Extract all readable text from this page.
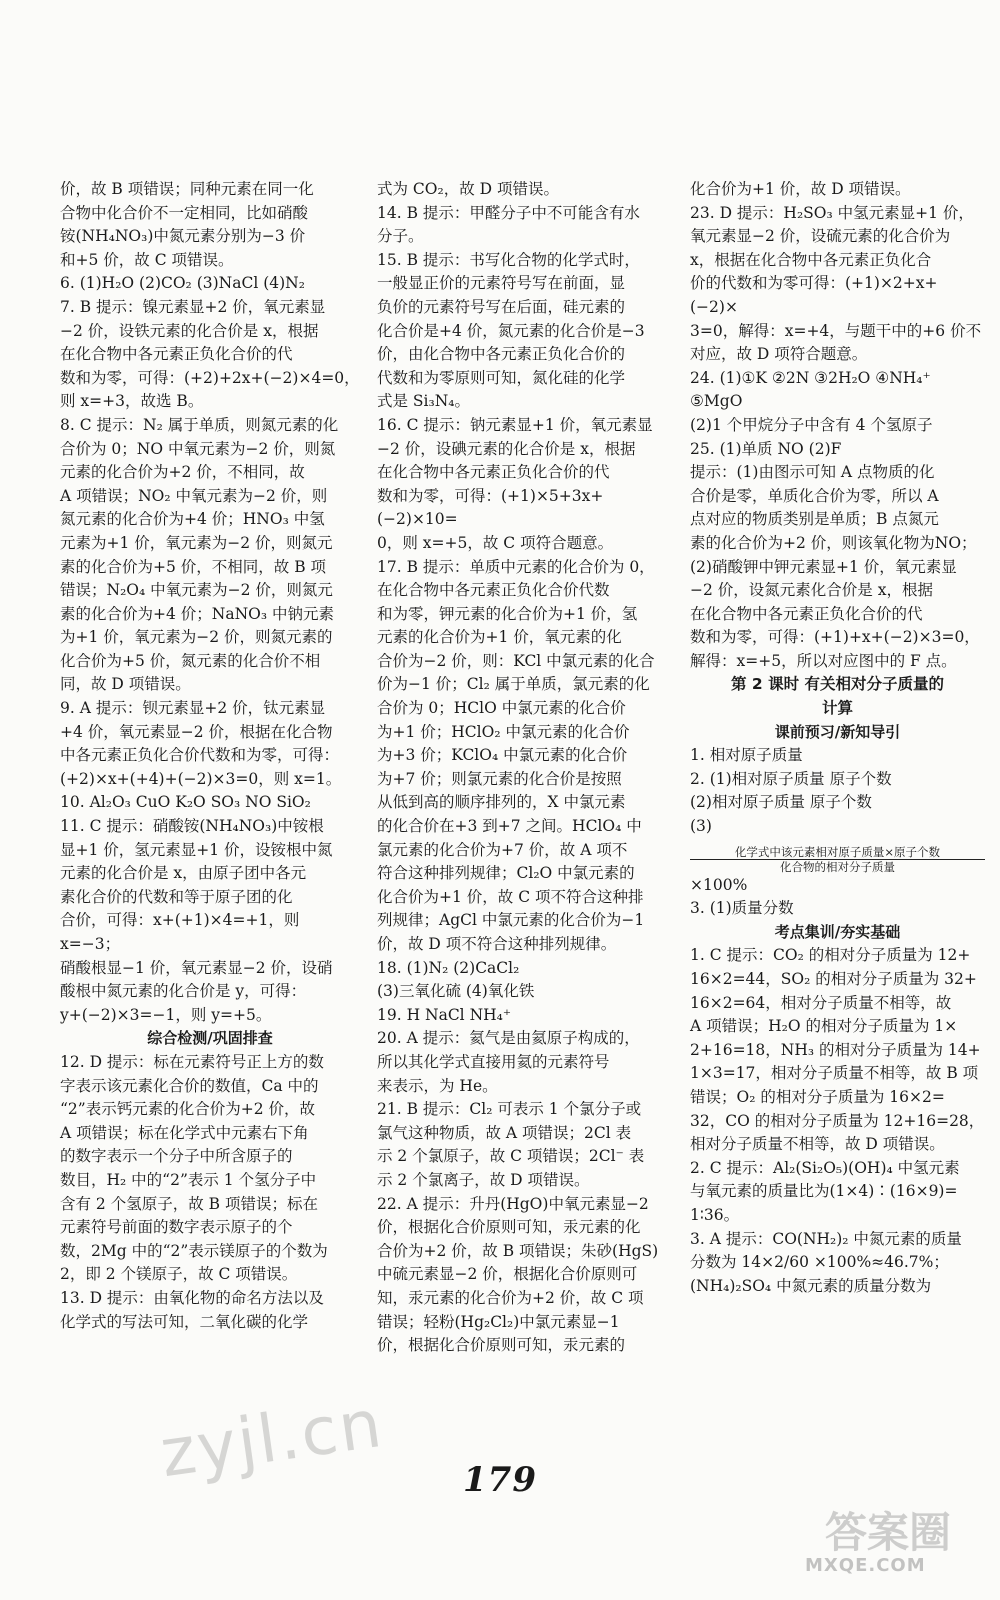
价，故 B 项错误；同种元素在同一化
合物中化合价不一定相同，比如硝酸
铵(NH₄NO₃)中氮元素分别为−3 价
和+5 价，故 C 项错误。
6. (1)H₂O (2)CO₂ (3)NaCl (4)N₂
7. B 提示：镍元素显+2 价，氧元素显
−2 价，设铁元素的化合价是 x，根据
在化合物中各元素正负化合价的代
数和为零，可得：(+2)+2x+(−2)×4=0，
则 x=+3，故选 B。
8. C 提示：N₂ 属于单质，则氮元素的化
合价为 0；NO 中氧元素为−2 价，则氮
元素的化合价为+2 价，不相同，故
A 项错误；NO₂ 中氧元素为−2 价，则
氮元素的化合价为+4 价；HNO₃ 中氢
元素为+1 价，氧元素为−2 价，则氮元
素的化合价为+5 价，不相同，故 B 项
错误；N₂O₄ 中氧元素为−2 价，则氮元
素的化合价为+4 价；NaNO₃ 中钠元素
为+1 价，氧元素为−2 价，则氮元素的
化合价为+5 价，氮元素的化合价不相
同，故 D 项错误。
9. A 提示：钡元素显+2 价，钛元素显
+4 价，氧元素显−2 价，根据在化合物
中各元素正负化合价代数和为零，可得：
(+2)×x+(+4)+(−2)×3=0，则 x=1。
10. Al₂O₃ CuO K₂O SO₃ NO SiO₂
11. C 提示：硝酸铵(NH₄NO₃)中铵根
显+1 价，氢元素显+1 价，设铵根中氮
元素的化合价是 x，由原子团中各元
素化合价的代数和等于原子团的化
合价，可得：x+(+1)×4=+1，则 x=−3；
硝酸根显−1 价，氧元素显−2 价，设硝
酸根中氮元素的化合价是 y，可得：
y+(−2)×3=−1，则 y=+5。
综合检测/巩固排查
12. D 提示：标在元素符号正上方的数
字表示该元素化合价的数值，Ca 中的
“2”表示钙元素的化合价为+2 价，故
A 项错误；标在化学式中元素右下角
的数字表示一个分子中所含原子的
数目，H₂ 中的“2”表示 1 个氢分子中
含有 2 个氢原子，故 B 项错误；标在
元素符号前面的数字表示原子的个
数，2Mg 中的“2”表示镁原子的个数为
2，即 2 个镁原子，故 C 项错误。
13. D 提示：由氧化物的命名方法以及
化学式的写法可知，二氧化碳的化学
式为 CO₂，故 D 项错误。
14. B 提示：甲醛分子中不可能含有水
分子。
15. B 提示：书写化合物的化学式时，
一般显正价的元素符号写在前面，显
负价的元素符号写在后面，硅元素的
化合价是+4 价，氮元素的化合价是−3
价，由化合物中各元素正负化合价的
代数和为零原则可知，氮化硅的化学
式是 Si₃N₄。
16. C 提示：钠元素显+1 价，氧元素显
−2 价，设碘元素的化合价是 x，根据
在化合物中各元素正负化合价的代
数和为零，可得：(+1)×5+3x+(−2)×10=
0，则 x=+5，故 C 项符合题意。
17. B 提示：单质中元素的化合价为 0，
在化合物中各元素正负化合价代数
和为零，钾元素的化合价为+1 价，氢
元素的化合价为+1 价，氧元素的化
合价为−2 价，则：KCl 中氯元素的化合
价为−1 价；Cl₂ 属于单质，氯元素的化
合价为 0；HClO 中氯元素的化合价
为+1 价；HClO₂ 中氯元素的化合价
为+3 价；KClO₄ 中氯元素的化合价
为+7 价；则氯元素的化合价是按照
从低到高的顺序排列的，X 中氯元素
的化合价在+3 到+7 之间。HClO₄ 中
氯元素的化合价为+7 价，故 A 项不
符合这种排列规律；Cl₂O 中氯元素的
化合价为+1 价，故 C 项不符合这种排
列规律；AgCl 中氯元素的化合价为−1
价，故 D 项不符合这种排列规律。
18. (1)N₂ (2)CaCl₂
(3)三氧化硫 (4)氧化铁
19. H NaCl NH₄⁺
20. A 提示：氦气是由氦原子构成的，
所以其化学式直接用氦的元素符号
来表示，为 He。
21. B 提示：Cl₂ 可表示 1 个氯分子或
氯气这种物质，故 A 项错误；2Cl 表
示 2 个氯原子，故 C 项错误；2Cl⁻ 表
示 2 个氯离子，故 D 项错误。
22. A 提示：升丹(HgO)中氧元素显−2
价，根据化合价原则可知，汞元素的化
合价为+2 价，故 B 项错误；朱砂(HgS)
中硫元素显−2 价，根据化合价原则可
知，汞元素的化合价为+2 价，故 C 项
错误；轻粉(Hg₂Cl₂)中氯元素显−1
价，根据化合价原则可知，汞元素的
化合价为+1 价，故 D 项错误。
23. D 提示：H₂SO₃ 中氢元素显+1 价，
氧元素显−2 价，设硫元素的化合价为
x，根据在化合物中各元素正负化合
价的代数和为零可得：(+1)×2+x+(−2)×
3=0，解得：x=+4，与题干中的+6 价不
对应，故 D 项符合题意。
24. (1)①K ②2N ③2H₂O ④NH₄⁺
⑤MgO
(2)1 个甲烷分子中含有 4 个氢原子
25. (1)单质 NO (2)F
提示：(1)由图示可知 A 点物质的化
合价是零，单质化合价为零，所以 A
点对应的物质类别是单质；B 点氮元
素的化合价为+2 价，则该氧化物为NO；
(2)硝酸钾中钾元素显+1 价，氧元素显
−2 价，设氮元素化合价是 x，根据
在化合物中各元素正负化合价的代
数和为零，可得：(+1)+x+(−2)×3=0，
解得：x=+5，所以对应图中的 F 点。
第 2 课时 有关相对分子质量的
计算
课前预习/新知导引
1. 相对原子质量
2. (1)相对原子质量 原子个数
(2)相对原子质量 原子个数
(3)
化学式中该元素相对原子质量×原子个数
化合物的相对分子质量
×100%
3. (1)质量分数
考点集训/夯实基础
1. C 提示：CO₂ 的相对分子质量为 12+
16×2=44，SO₂ 的相对分子质量为 32+
16×2=64，相对分子质量不相等，故
A 项错误；H₂O 的相对分子质量为 1×
2+16=18，NH₃ 的相对分子质量为 14+
1×3=17，相对分子质量不相等，故 B 项
错误；O₂ 的相对分子质量为 16×2=
32，CO 的相对分子质量为 12+16=28，
相对分子质量不相等，故 D 项错误。
2. C 提示：Al₂(Si₂O₅)(OH)₄ 中氢元素
与氧元素的质量比为(1×4)∶(16×9)=
1∶36。
3. A 提示：CO(NH₂)₂ 中氮元素的质量
分数为 14×2/60 ×100%≈46.7%；
(NH₄)₂SO₄ 中氮元素的质量分数为
179
zyjl.cn
答案圈
MXQE.COM
